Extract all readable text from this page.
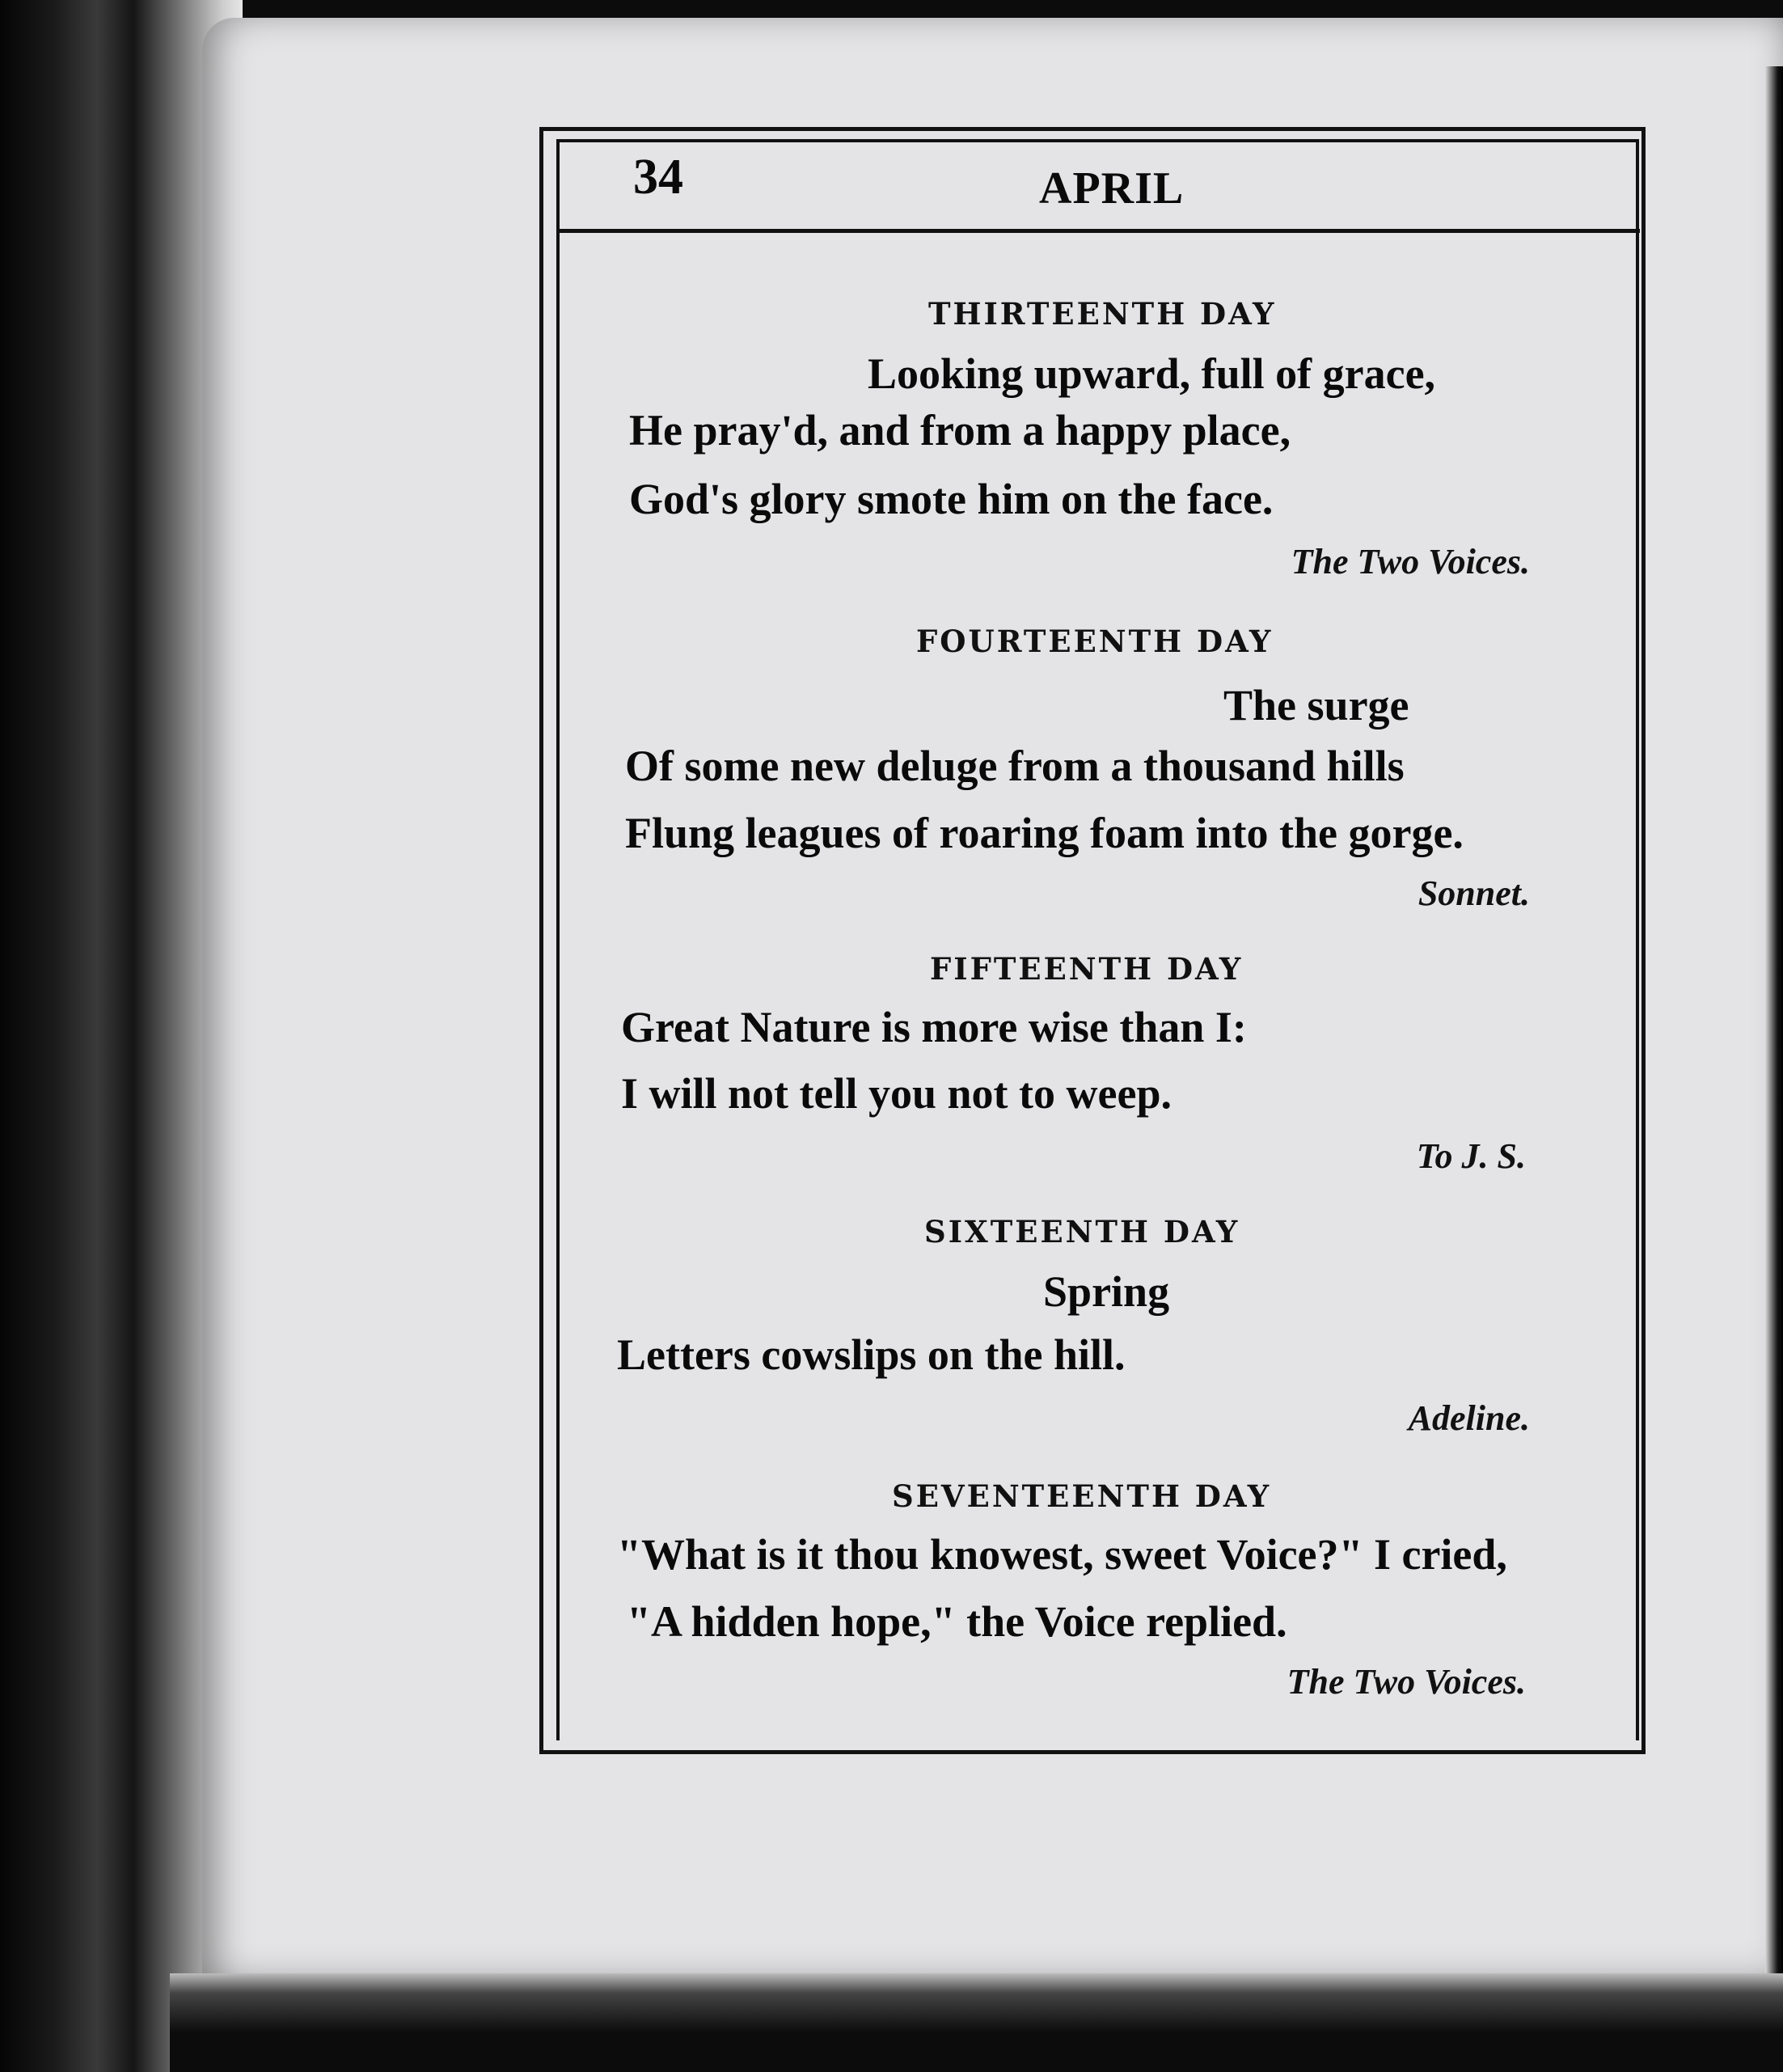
34	APRIL
THIRTEENTH DAY
Looking upward, full of grace,
He pray'd, and from a happy place,
God's glory smote him on the face.
The Two Voices.
FOURTEENTH DAY
The surge
Of some new deluge from a thousand hills
Flung leagues of roaring foam into the gorge.
Sonnet.
FIFTEENTH DAY
Great Nature is more wise than I:
I will not tell you not to weep.
To J. S.
SIXTEENTH DAY
Spring
Letters cowslips on the hill.
Adeline.
SEVENTEENTH DAY
"What is it thou knowest, sweet Voice?" I cried,
"A hidden hope," the Voice replied.
The Two Voices.
